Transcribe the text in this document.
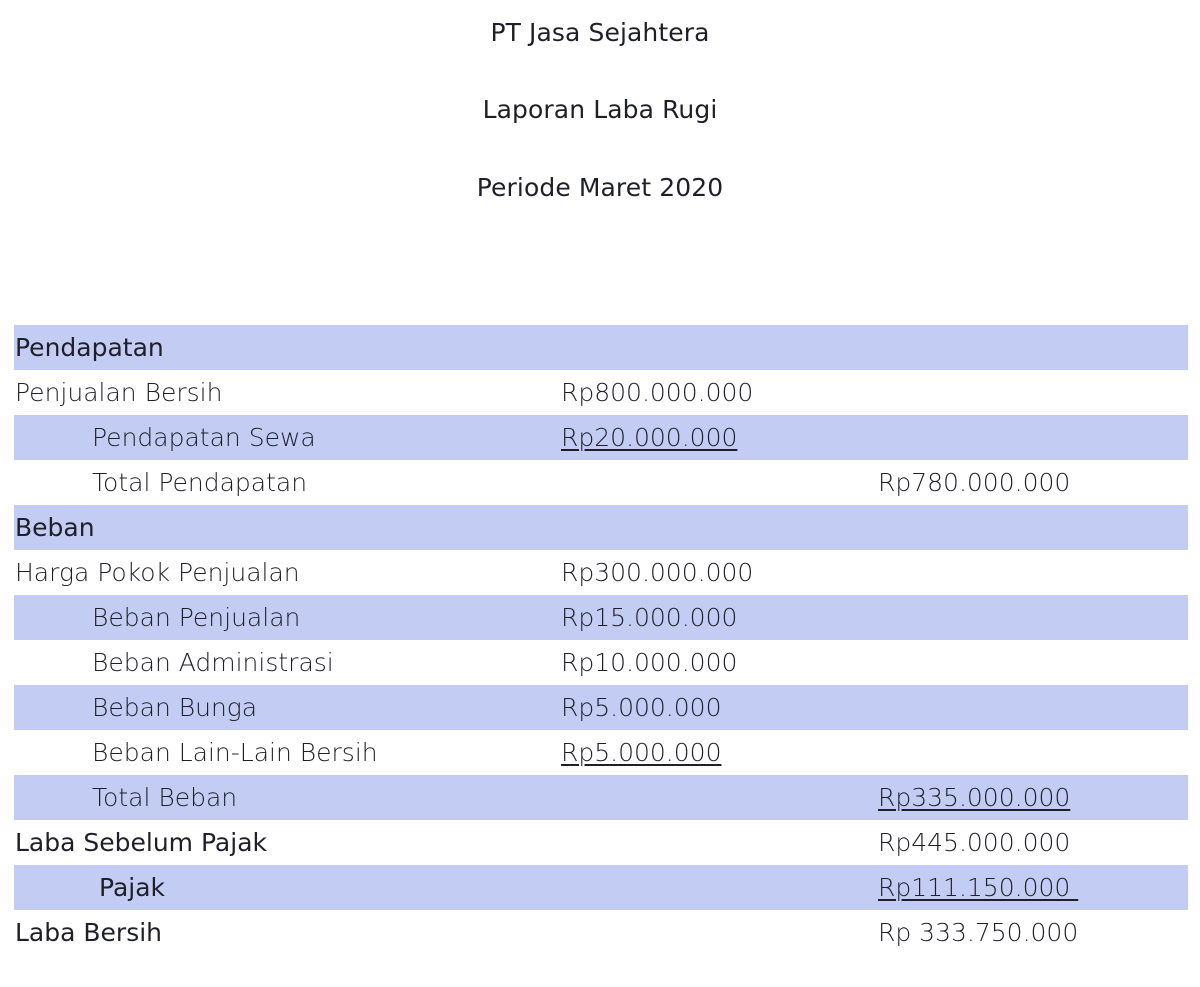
PT Jasa Sejahtera
Laporan Laba Rugi
Periode Maret 2020
Pendapatan
Penjualan Bersih	Rp800.000.000
Pendapatan Sewa	Rp20.000.000
Total Pendapatan	Rp780.000.000
Beban
Harga Pokok Penjualan	Rp300.000.000
Beban Penjualan	Rp15.000.000
Beban Administrasi	Rp10.000.000
Beban Bunga	Rp5.000.000
Beban Lain-Lain Bersih	Rp5.000.000
Total Beban	Rp335.000.000
Laba Sebelum Pajak	Rp445.000.000
Pajak	Rp111.150.000
Laba Bersih	Rp 333.750.000
